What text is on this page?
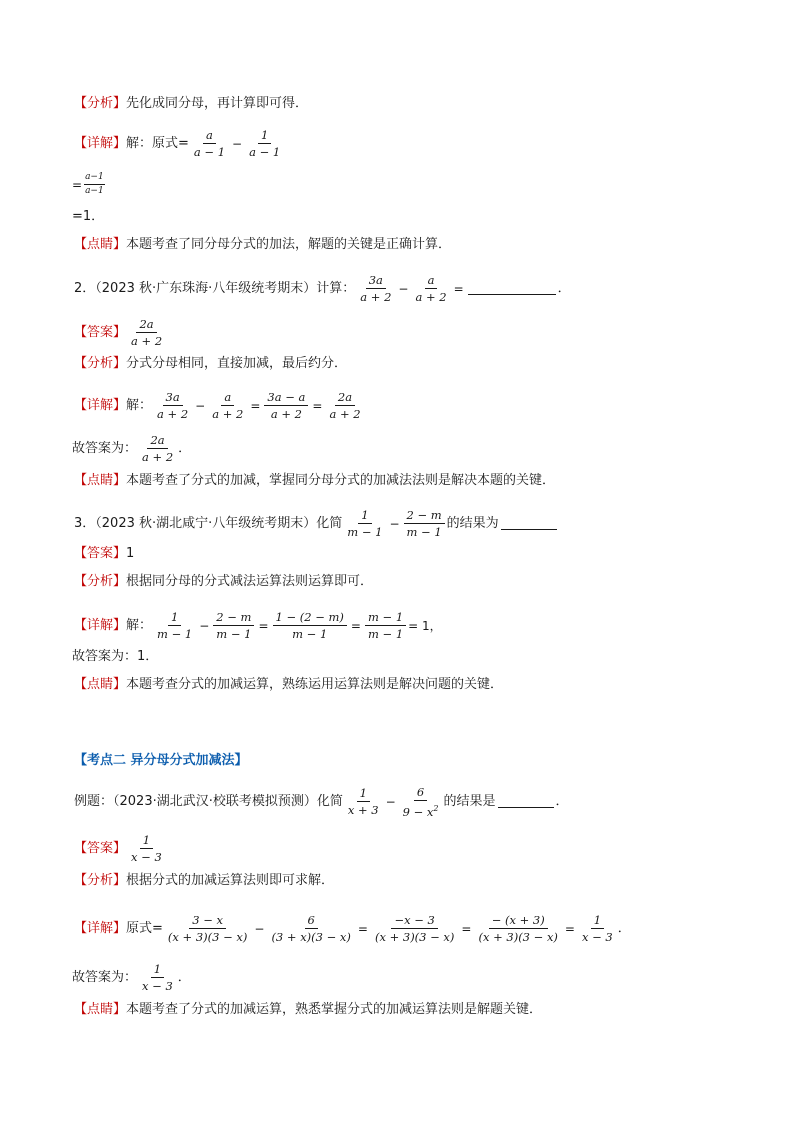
【分析】 先化成同分母，再计算即可得．
【详解】 解：原式= $\frac{a}{a - 1} - \frac{1}{a - 1}$
= $\frac{a-1}{a-1}$
=1．
【点睛】 本题考查了同分母分式的加法，解题的关键是正确计算．
2．（2023 秋·广东珠海·八年级统考期末）计算： $\frac{3a}{a + 2} - \frac{a}{a + 2}$ =	．
【答案】 $\frac{2a}{a + 2}$
【分析】 分式分母相同，直接加减，最后约分．
【详解】 解： $\frac{3a}{a + 2} - \frac{a}{a + 2} = \frac{3a - a}{a + 2} = \frac{2a}{a + 2}$
故答案为： $\frac{2a}{a + 2}$ ．
【点睛】 本题考查了分式的加减，掌握同分母分式的加减法法则是解决本题的关键．
3．（2023 秋·湖北咸宁·八年级统考期末）化简 $\frac{1}{m - 1} - \frac{2 - m}{m - 1}$ 的结果为
【答案】 1
【分析】 根据同分母的分式减法运算法则运算即可．
【详解】 解： $\frac{1}{m - 1} - \frac{2 - m}{m - 1} = \frac{1 - (2 - m)}{m - 1} = \frac{m - 1}{m - 1} = 1$，
故答案为：1．
【点睛】 本题考查分式的加减运算，熟练运用运算法则是解决问题的关键．
【考点二 异分母分式加减法】
例题：（2023·湖北武汉·校联考模拟预测）化简 $\frac{1}{x + 3} - \frac{6}{9 - x^2}$ 的结果是	．
【答案】 $\frac{1}{x - 3}$
【分析】 根据分式的加减运算法则即可求解．
【详解】 原式= $\frac{3 - x}{(x + 3)(3 - x)} - \frac{6}{(3 + x)(3 - x)} = \frac{-x - 3}{(x + 3)(3 - x)} = \frac{- (x + 3)}{(x + 3)(3 - x)} = \frac{1}{x - 3}$ ．
故答案为： $\frac{1}{x - 3}$ ．
【点睛】 本题考查了分式的加减运算，熟悉掌握分式的加减运算法则是解题关键．
